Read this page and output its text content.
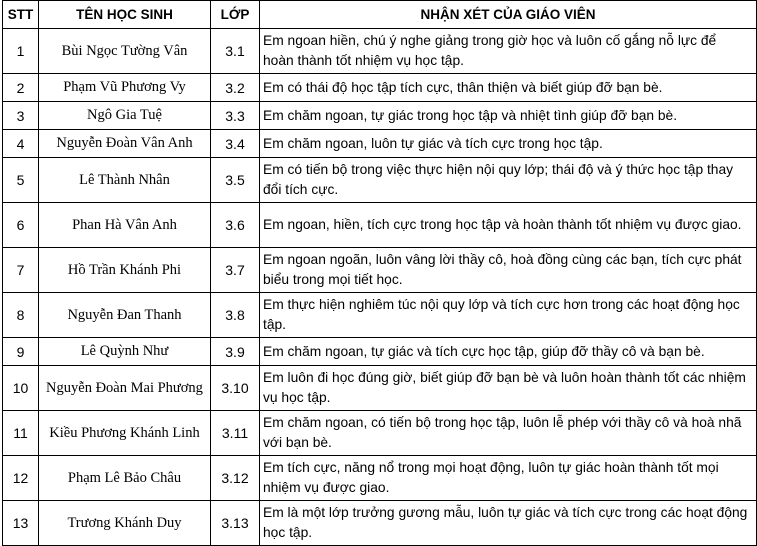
STT	TÊN HỌC SINH	LỚP	NHẬN XÉT CỦA GIÁO VIÊN
1	Bùi Ngọc Tường Vân	3.1	Em ngoan hiền, chú ý nghe giảng trong giờ học và luôn cố gắng nỗ lực để hoàn thành tốt nhiệm vụ học tập.
2	Phạm Vũ Phương Vy	3.2	Em có thái độ học tập tích cực, thân thiện và biết giúp đỡ bạn bè.
3	Ngô Gia Tuệ	3.3	Em chăm ngoan, tự giác trong học tập và nhiệt tình giúp đỡ bạn bè.
4	Nguyễn Đoàn Vân Anh	3.4	Em chăm ngoan, luôn tự giác và tích cực trong học tập.
5	Lê Thành Nhân	3.5	Em có tiến bộ trong việc thực hiện nội quy lớp; thái độ và ý thức học tập thay đổi tích cực.
6	Phan Hà Vân Anh	3.6	Em ngoan, hiền, tích cực trong học tập và hoàn thành tốt nhiệm vụ được giao.
7	Hồ Trần Khánh Phi	3.7	Em ngoan ngoãn, luôn vâng lời thầy cô, hoà đồng cùng các bạn, tích cực phát biểu trong mọi tiết học.
8	Nguyễn Đan Thanh	3.8	Em thực hiện nghiêm túc nội quy lớp và tích cực hơn trong các hoạt động học tập.
9	Lê Quỳnh Như	3.9	Em chăm ngoan, tự giác và tích cực học tập, giúp đỡ thầy cô và bạn bè.
10	Nguyễn Đoàn Mai Phương	3.10	Em luôn đi học đúng giờ, biết giúp đỡ bạn bè và luôn hoàn thành tốt các nhiệm vụ học tập.
11	Kiều Phương Khánh Linh	3.11	Em chăm ngoan, có tiến bộ trong học tập, luôn lễ phép với thầy cô và hoà nhã với bạn bè.
12	Phạm Lê Bảo Châu	3.12	Em tích cực, năng nổ trong mọi hoạt động, luôn tự giác hoàn thành tốt mọi nhiệm vụ được giao.
13	Trương Khánh Duy	3.13	Em là một lớp trưởng gương mẫu, luôn tự giác và tích cực trong các hoạt động học tập.
